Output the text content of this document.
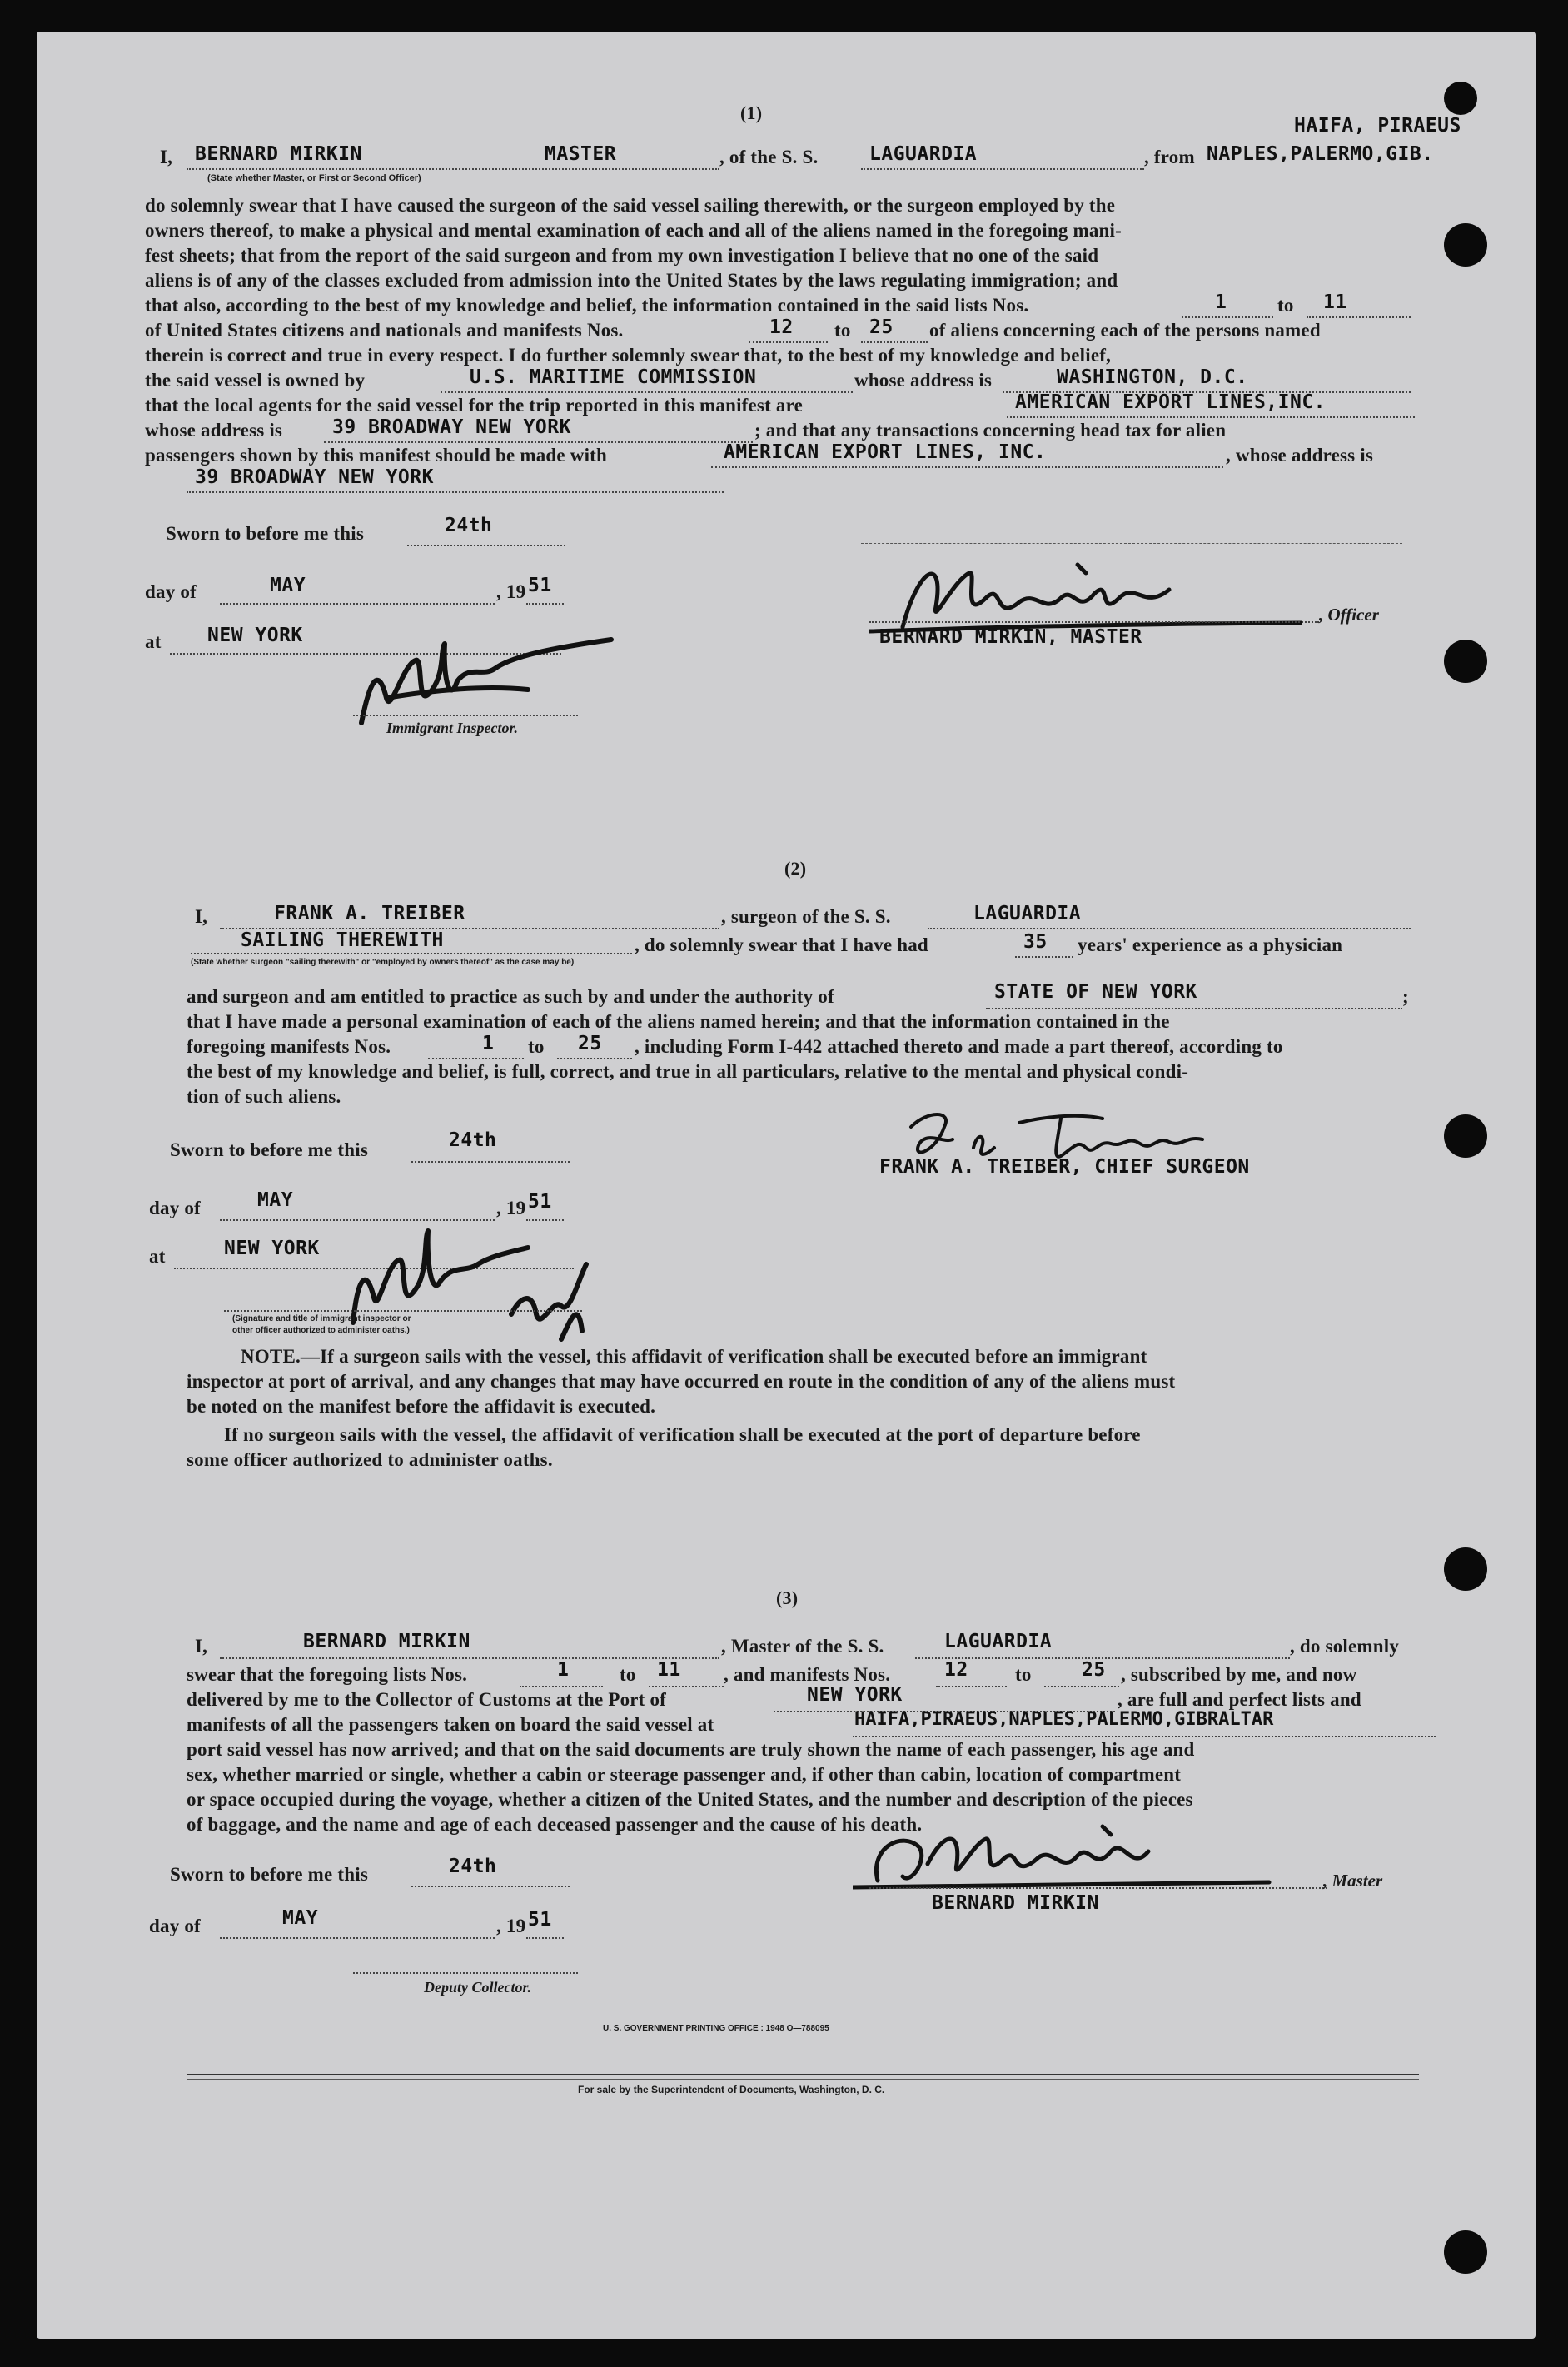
(1)
I, BERNARD MIRKIN	MASTER
(State whether Master, or First or Second Officer)
, of the S. S.	LAGUARDIA	, from
HAIFA, PIRAEUS
NAPLES,PALERMO,GIB.
do solemnly swear that I have caused the surgeon of the said vessel sailing therewith, or the surgeon employed by the
owners thereof, to make a physical and mental examination of each and all of the aliens named in the foregoing mani-
fest sheets; that from the report of the said surgeon and from my own investigation I believe that no one of the said
aliens is of any of the classes excluded from admission into the United States by the laws regulating immigration; and
that also, according to the best of my knowledge and belief, the information contained in the said lists Nos.	1	to 11
of United States citizens and nationals and manifests Nos.	12 to 25 of aliens concerning each of the persons named
therein is correct and true in every respect. I do further solemnly swear that, to the best of my knowledge and belief,
the said vessel is owned by	U.S. MARITIME COMMISSION	whose address is	WASHINGTON, D.C.
that the local agents for the said vessel for the trip reported in this manifest are	AMERICAN EXPORT LINES,INC.
whose address is	39 BROADWAY NEW YORK	; and that any transactions concerning head tax for alien
passengers shown by this manifest should be made with	AMERICAN EXPORT LINES, INC.	, whose address is
39 BROADWAY NEW YORK
Sworn to before me this	24th
day of	MAY	, 19 51
at NEW YORK
, Officer
BERNARD MIRKIN, MASTER
Immigrant Inspector.
(2)
I,	FRANK A. TREIBER	, surgeon of the S. S.	LAGUARDIA
SAILING THEREWITH
(State whether surgeon "sailing therewith" or "employed by owners thereof" as the case may be)
, do solemnly swear that I have had	35 years' experience as a physician
and surgeon and am entitled to practice as such by and under the authority of	STATE OF NEW YORK	;
that I have made a personal examination of each of the aliens named herein; and that the information contained in the
foregoing manifests Nos.	1 to 25 , including Form I-442 attached thereto and made a part thereof, according to
the best of my knowledge and belief, is full, correct, and true in all particulars, relative to the mental and physical condi-
tion of such aliens.
FRANK A. TREIBER, CHIEF SURGEON
Sworn to before me this	24th
day of	MAY	, 19 51
at	NEW YORK
(Signature and title of immigrant inspector or
other officer authorized to administer oaths.)
NOTE.—If a surgeon sails with the vessel, this affidavit of verification shall be executed before an immigrant
inspector at port of arrival, and any changes that may have occurred en route in the condition of any of the aliens must
be noted on the manifest before the affidavit is executed.
If no surgeon sails with the vessel, the affidavit of verification shall be executed at the port of departure before
some officer authorized to administer oaths.
(3)
I,	BERNARD MIRKIN	, Master of the S. S.	LAGUARDIA	, do solemnly
swear that the foregoing lists Nos.	1	to 11 , and manifests Nos.	12 to	25 , subscribed by me, and now
delivered by me to the Collector of Customs at the Port of	NEW YORK	, are full and perfect lists and
manifests of all the passengers taken on board the said vessel at	HAIFA,PIRAEUS,NAPLES,PALERMO,GIBRALTAR
port said vessel has now arrived; and that on the said documents are truly shown the name of each passenger, his age and
sex, whether married or single, whether a cabin or steerage passenger and, if other than cabin, location of compartment
or space occupied during the voyage, whether a citizen of the United States, and the number and description of the pieces
of baggage, and the name and age of each deceased passenger and the cause of his death.
Sworn to before me this	24th
day of	MAY	, 19 51
, Master
BERNARD MIRKIN
Deputy Collector.
U. S. GOVERNMENT PRINTING OFFICE : 1948 O—788095
For sale by the Superintendent of Documents, Washington, D. C.
